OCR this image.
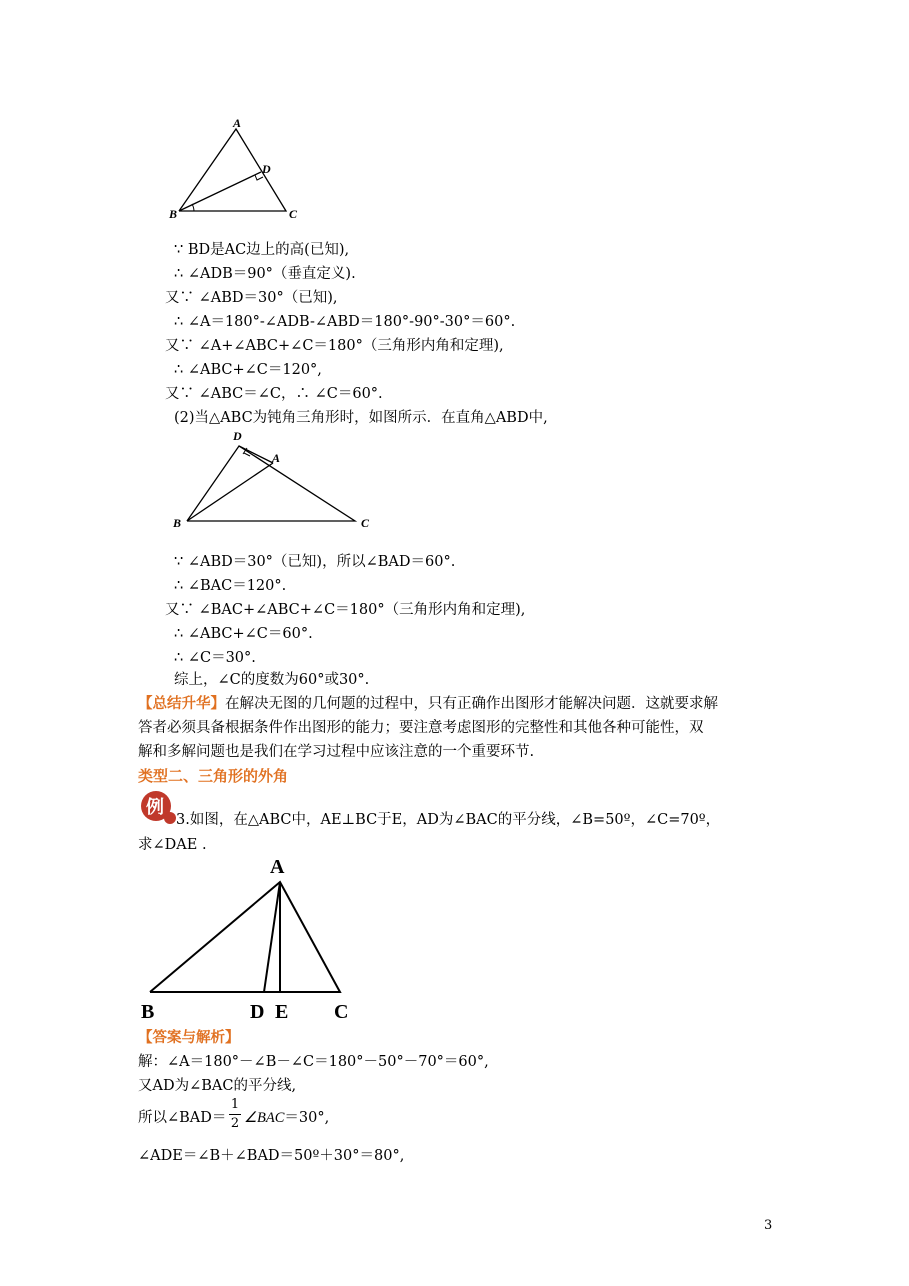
A
D
B	C
∵ BD是AC边上的高(已知),
∴ ∠ADB＝90°（垂直定义).
又∵ ∠ABD＝30°（已知),
∴ ∠A＝180°-∠ADB-∠ABD＝180°-90°-30°＝60°.
又∵ ∠A+∠ABC+∠C＝180°（三角形内角和定理),
∴ ∠ABC+∠C＝120°,
又∵ ∠ABC＝∠C，∴ ∠C＝60°.
(2)当△ABC为钝角三角形时，如图所示．在直角△ABD中,
D
A
B	C
∵ ∠ABD＝30°（已知)，所以∠BAD＝60°.
∴ ∠BAC＝120°.
又∵ ∠BAC+∠ABC+∠C＝180°（三角形内角和定理),
∴ ∠ABC+∠C＝60°.
∴ ∠C＝30°.
综上，∠C的度数为60°或30°.
【总结升华】在解决无图的几何题的过程中，只有正确作出图形才能解决问题．这就要求解
答者必须具备根据条件作出图形的能力；要注意考虑图形的完整性和其他各种可能性，双
解和多解问题也是我们在学习过程中应该注意的一个重要环节.
类型二、三角形的外角
例
3.如图，在△ABC中，AE⊥BC于E，AD为∠BAC的平分线，∠B=50º，∠C=70º，
求∠DAE .
A
B	D E C
【答案与解析】
解：∠A＝180°－∠B－∠C＝180°－50°－70°＝60°,
又AD为∠BAC的平分线,
所以∠BAD＝ $\frac{1}{2}$ ∠BAC＝30°,
∠ADE＝∠B＋∠BAD＝50º＋30°＝80°,
3
